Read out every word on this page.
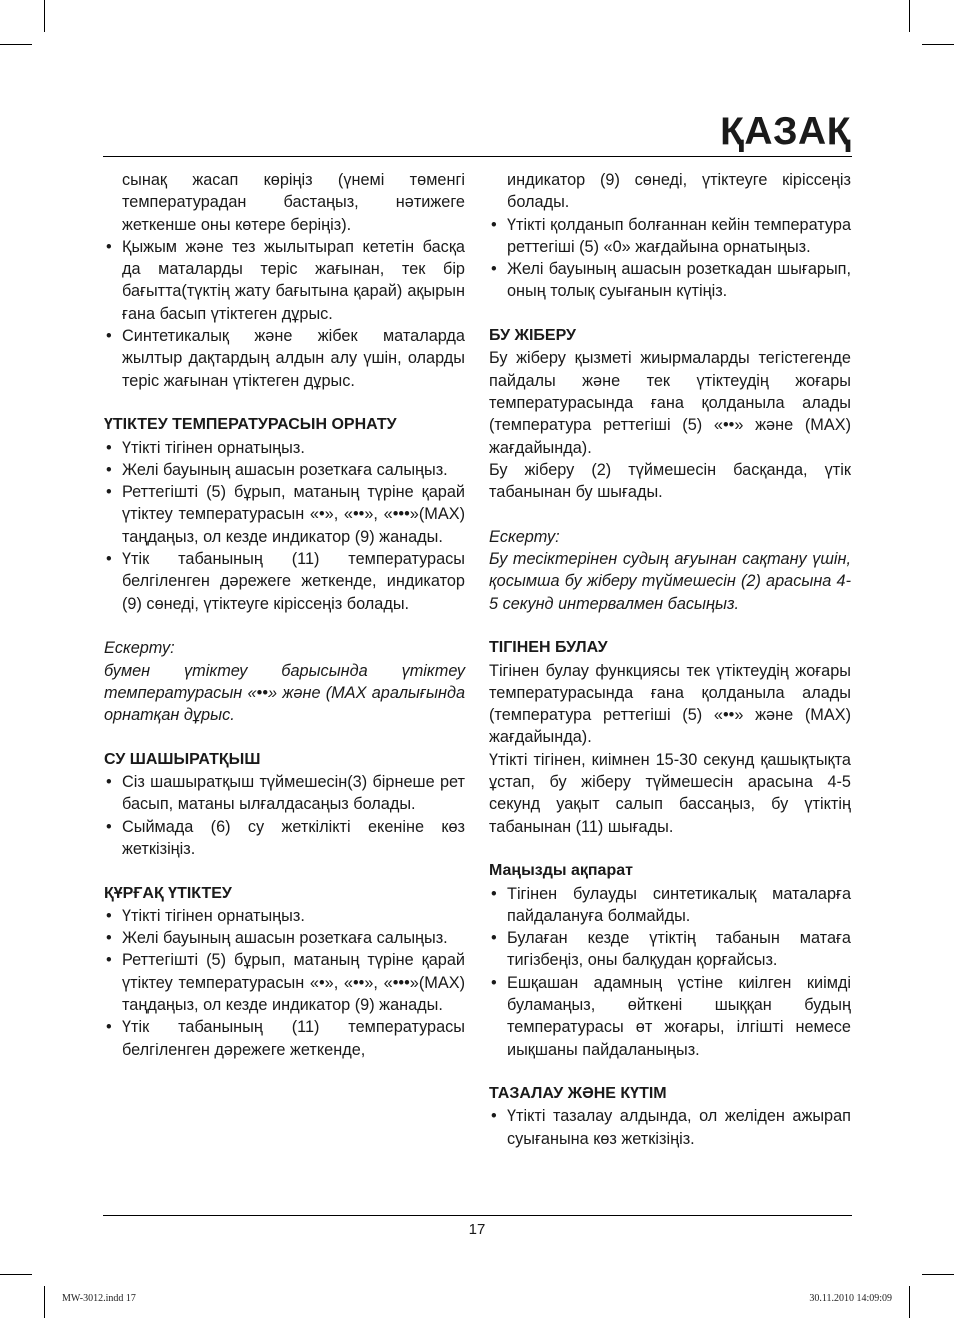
ҚАЗАҚ

сынақ жасап көріңіз (үнемі төменгі температурадан бастаңыз, нәтижеге жеткенше оны көтере беріңіз).

• Қыжым және тез жылытырап кететін басқа да маталарды теріс жағынан, тек бір бағытта(түктің жату бағытына қарай) ақырын ғана басып үтіктеген дұрыс.
• Синтетикалық және жібек маталарда жылтыр дақтардың алдын алу үшін, оларды теріс жағынан үтіктеген дұрыс.
ҮТІКТЕУ ТЕМПЕРАТУРАСЫН ОРНАТУ
• Үтікті тігінен орнатыңыз.
• Желі бауының ашасын розеткаға салыңыз.
• Реттегішті (5) бұрып, матаның түріне қарай үтіктеу температурасын «•», «••», «•••»(МАХ) таңдаңыз, ол кезде индикатор (9) жанады.
• Үтік табанының (11) температурасы белгіленген дәрежеге жеткенде, индикатор (9) сөнеді, үтіктеуге кіріссеңіз болады.

Ескерту:

бумен үтіктеу барысында үтіктеу температурасын «••» және (МАХ аралығында орнатқан дұрыс.

СУ ШАШЫРАТҚЫШ
• Сіз шашыратқыш түймешесін(3) бірнеше рет басып, матаны ылғалдасаңыз болады.
• Сыймада (6) су жеткілікті екеніне көз жеткізіңіз.
ҚҰРҒАҚ ҮТІКТЕУ
• Үтікті тігінен орнатыңыз.
• Желі бауының ашасын розеткаға салыңыз.
• Реттегішті (5) бұрып, матаның түріне қарай үтіктеу температурасын «•», «••», «•••»(МАХ) таңдаңыз, ол кезде индикатор (9) жанады.
• Үтік табанының (11) температурасы белгіленген дәрежеге жеткенде,

индикатор (9) сөнеді, үтіктеуге кіріссеңіз болады.

• Үтікті қолданып болғаннан кейін температура реттегіші (5) «0» жағдайына орнатыңыз.
• Желі бауының ашасын розеткадан шығарып, оның толық суығанын күтіңіз.
БУ ЖІБЕРУ

Бу жіберу қызметі жиырмаларды тегістегенде пайдалы және тек үтіктеудің жоғары температурасында ғана қолданыла алады (температура реттегіші (5) «••» және (МАХ) жағдайында).

Бу жіберу (2) түймешесін басқанда, үтік табанынан бу шығады.

Ескерту:

Бу тесіктерінен судың ағуынан сақтану үшін, қосымша бу жіберу түймешесін (2) арасына 4-5 секунд интервалмен басыңыз.

ТІГІНЕН БУЛАУ

Тігінен булау функциясы тек үтіктеудің жоғары температурасында ғана қолданыла алады (температура реттегіші (5) «••» және (МАХ) жағдайында).

Үтікті тігінен, киімнен 15-30 секунд қашықтықта ұстап, бу жіберу түймешесін арасына 4-5 секунд уақыт салып бассаңыз, бу үтіктің табанынан (11) шығады.

Маңызды ақпарат
• Тігінен булауды синтетикалық маталарға пайдалануға болмайды.
• Булаған кезде үтіктің табанын матаға тигізбеңіз, оны балқудан қорғайсыз.
• Ешқашан адамның үстіне киілген киімді буламаңыз, өйткені шыққан будың температурасы өт жоғары, ілгішті немесе иықшаны пайдаланыңыз.
ТАЗАЛАУ ЖӘНЕ КҮТІМ
• Үтікті тазалау алдында, ол желіден ажырап суығанына көз жеткізіңіз.
17
MW-3012.indd 17	30.11.2010 14:09:09
